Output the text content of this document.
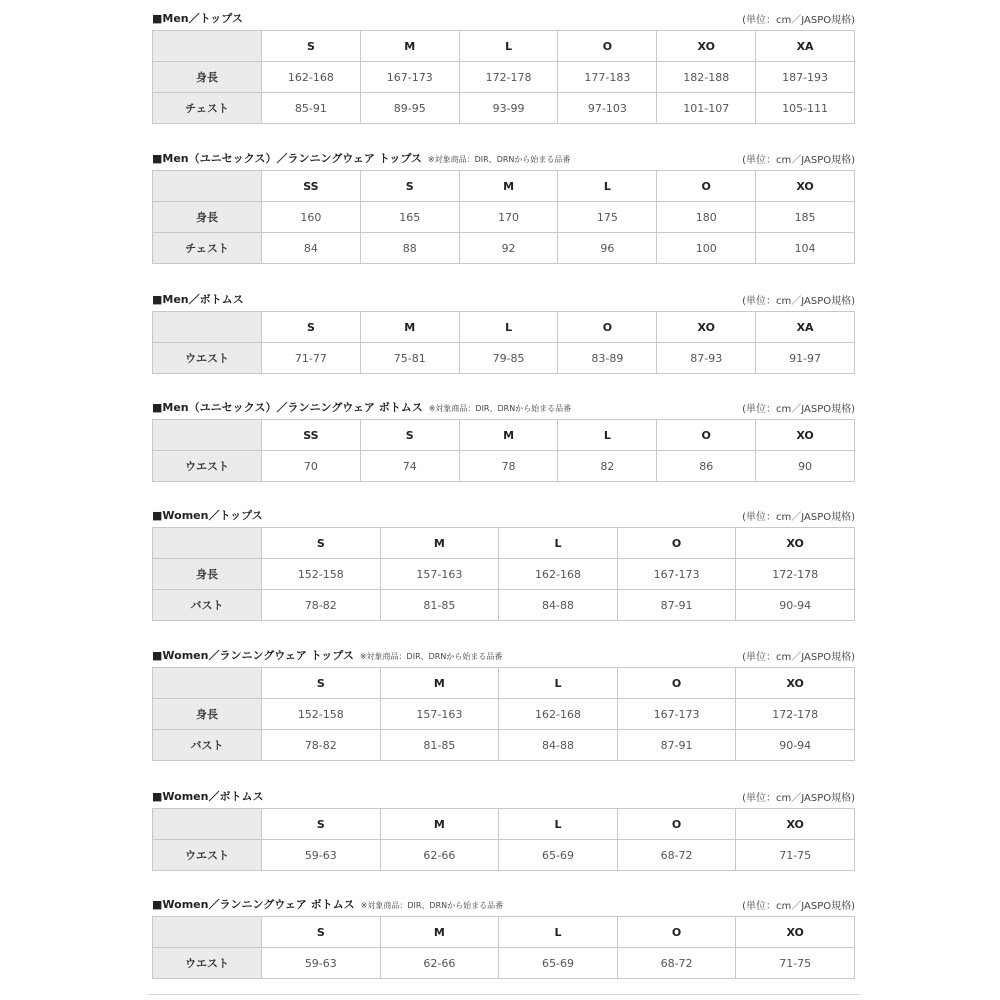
■Men／トップス	(単位：cm／JASPO規格)
	S	M	L	O	XO	XA
身長	162-168	167-173	172-178	177-183	182-188	187-193
チェスト	85-91	89-95	93-99	97-103	101-107	105-111
■Men（ユニセックス）／ランニングウェア トップス ※対象商品：DIR、DRNから始まる品番	(単位：cm／JASPO規格)
	SS	S	M	L	O	XO
身長	160	165	170	175	180	185
チェスト	84	88	92	96	100	104
■Men／ボトムス	(単位：cm／JASPO規格)
	S	M	L	O	XO	XA
ウエスト	71-77	75-81	79-85	83-89	87-93	91-97
■Men（ユニセックス）／ランニングウェア ボトムス ※対象商品：DIR、DRNから始まる品番	(単位：cm／JASPO規格)
	SS	S	M	L	O	XO
ウエスト	70	74	78	82	86	90
■Women／トップス	(単位：cm／JASPO規格)
	S	M	L	O	XO
身長	152-158	157-163	162-168	167-173	172-178
バスト	78-82	81-85	84-88	87-91	90-94
■Women／ランニングウェア トップス ※対象商品：DIR、DRNから始まる品番	(単位：cm／JASPO規格)
	S	M	L	O	XO
身長	152-158	157-163	162-168	167-173	172-178
バスト	78-82	81-85	84-88	87-91	90-94
■Women／ボトムス	(単位：cm／JASPO規格)
	S	M	L	O	XO
ウエスト	59-63	62-66	65-69	68-72	71-75
■Women／ランニングウェア ボトムス ※対象商品：DIR、DRNから始まる品番	(単位：cm／JASPO規格)
	S	M	L	O	XO
ウエスト	59-63	62-66	65-69	68-72	71-75
